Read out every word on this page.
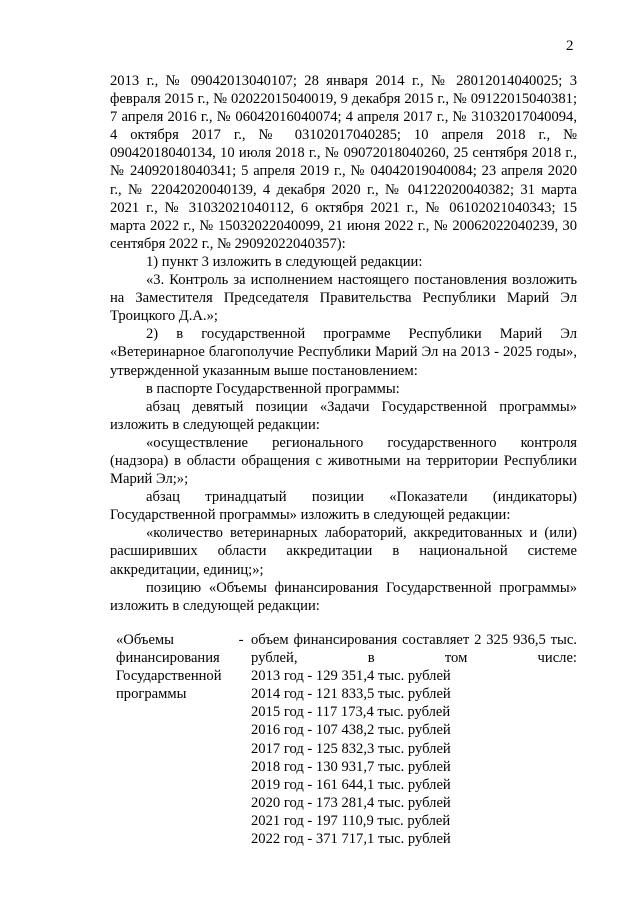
2

2013 г., № 09042013040107; 28 января 2014 г., № 28012014040025; 3 февраля 2015 г., № 02022015040019, 9 декабря 2015 г., № 09122015040381; 7 апреля 2016 г., № 06042016040074; 4 апреля 2017 г., № 31032017040094, 4 октября 2017 г., № 03102017040285; 10 апреля 2018 г., № 09042018040134, 10 июля 2018 г., № 09072018040260, 25 сентября 2018 г., № 24092018040341; 5 апреля 2019 г., № 04042019040084; 23 апреля 2020 г., № 22042020040139, 4 декабря 2020 г., № 04122020040382; 31 марта 2021 г., № 31032021040112, 6 октября 2021 г., № 06102021040343; 15 марта 2022 г., № 15032022040099, 21 июня 2022 г., № 20062022040239, 30 сентября 2022 г., № 29092022040357):

1) пункт 3 изложить в следующей редакции:

«3. Контроль за исполнением настоящего постановления возложить на Заместителя Председателя Правительства Республики Марий Эл Троицкого Д.А.»;

2) в государственной программе Республики Марий Эл «Ветеринарное благополучие Республики Марий Эл на 2013 - 2025 годы», утвержденной указанным выше постановлением:

в паспорте Государственной программы:

абзац девятый позиции «Задачи Государственной программы» изложить в следующей редакции:

«осуществление регионального государственного контроля (надзора) в области обращения с животными на территории Республики Марий Эл;»;

абзац тринадцатый позиции «Показатели (индикаторы) Государственной программы» изложить в следующей редакции:

«количество ветеринарных лабораторий, аккредитованных и (или) расширивших области аккредитации в национальной системе аккредитации, единиц;»;

позицию «Объемы финансирования Государственной программы» изложить в следующей редакции:

«Объемы финансирования Государственной программы
- объем финансирования составляет 2 325 936,5 тыс. рублей, в том числе:
2013 год - 129 351,4 тыс. рублей
2014 год - 121 833,5 тыс. рублей
2015 год - 117 173,4 тыс. рублей
2016 год - 107 438,2 тыс. рублей
2017 год - 125 832,3 тыс. рублей
2018 год - 130 931,7 тыс. рублей
2019 год - 161 644,1 тыс. рублей
2020 год - 173 281,4 тыс. рублей
2021 год - 197 110,9 тыс. рублей
2022 год - 371 717,1 тыс. рублей
